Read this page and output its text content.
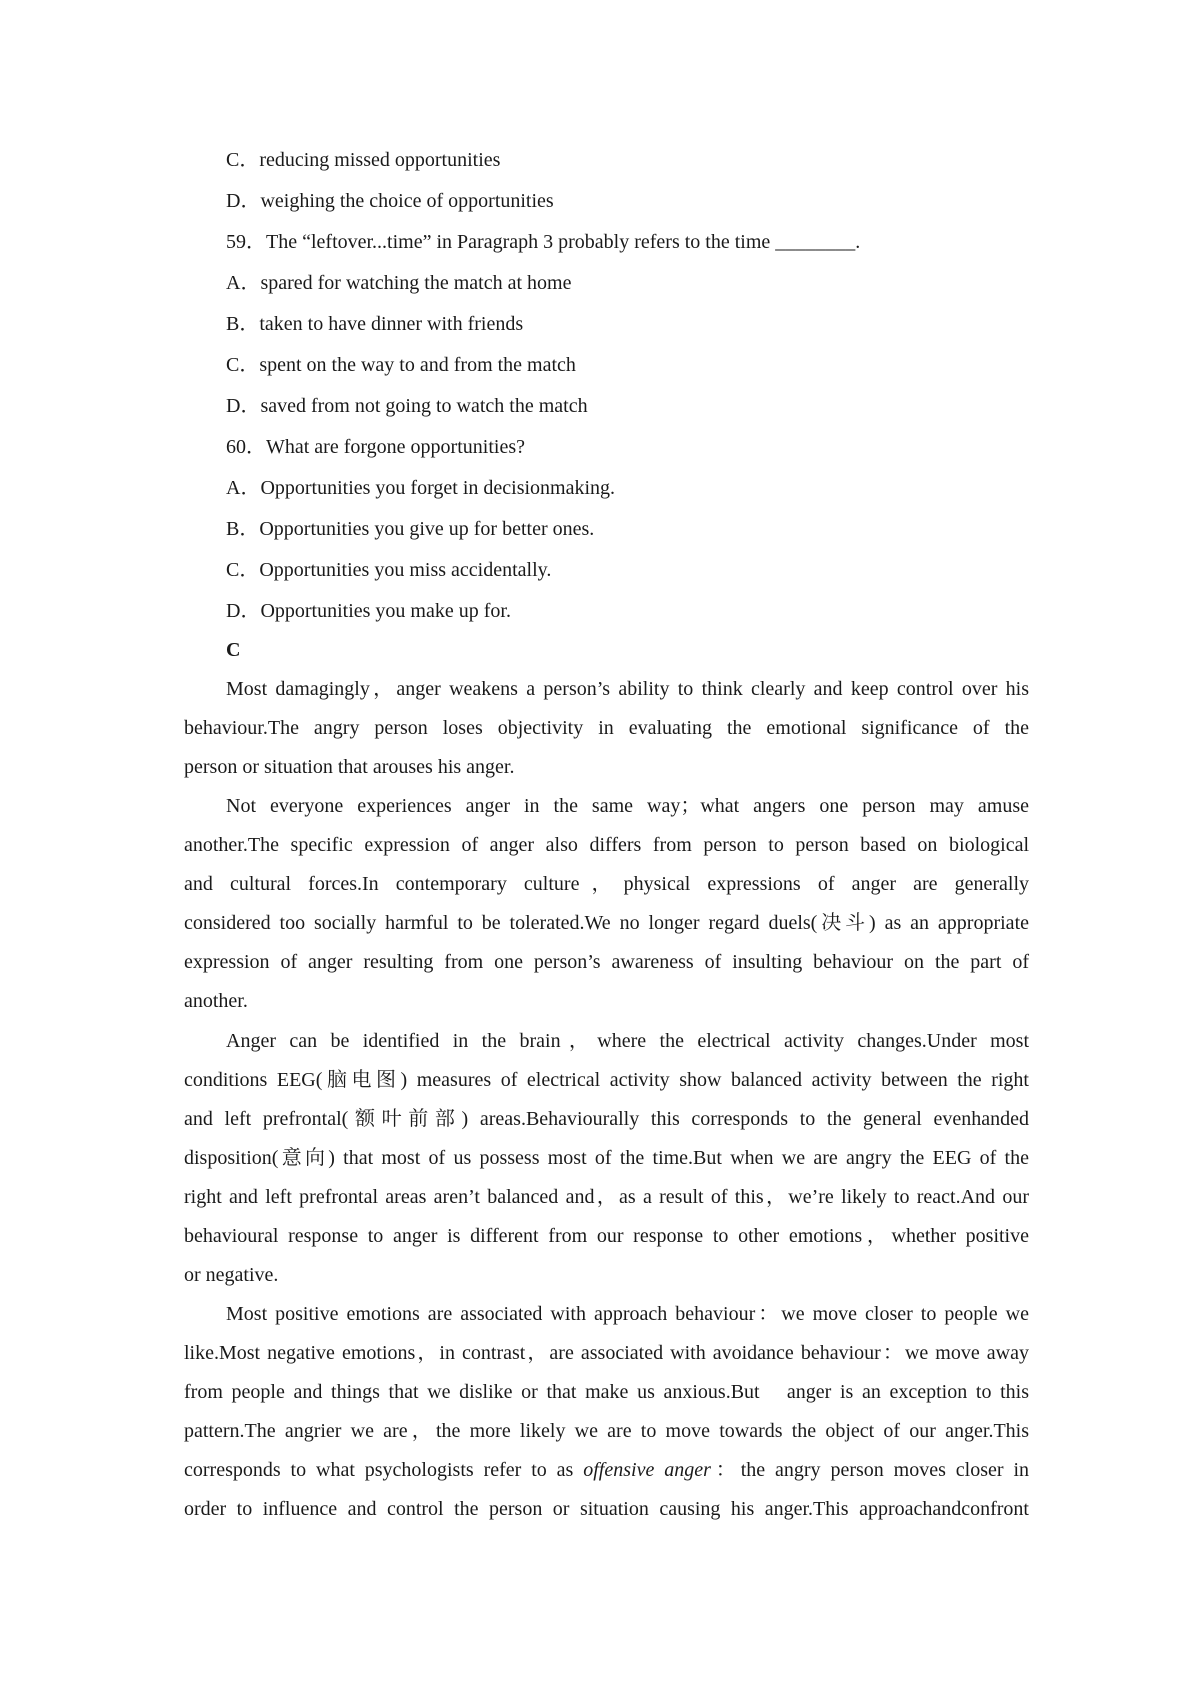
C．reducing missed opportunities
D．weighing the choice of opportunities
59．The “leftover...time” in Paragraph 3 probably refers to the time ________.
A．spared for watching the match at home
B．taken to have dinner with friends
C．spent on the way to and from the match
D．saved from not going to watch the match
60．What are forgone opportunities?
A．Opportunities you forget in decisionmaking.
B．Opportunities you give up for better ones.
C．Opportunities you miss accidentally.
D．Opportunities you make up for.
C
Most damagingly，anger weakens a person’s ability to think clearly and keep control over his
behaviour.The angry person loses objectivity in evaluating the emotional significance of the
person or situation that arouses his anger.
Not everyone experiences anger in the same way；what angers one person may amuse
another.The specific expression of anger also differs from person to person based on biological
and cultural forces.In contemporary culture，physical expressions of anger are generally
considered too socially harmful to be tolerated.We no longer regard duels(决斗) as an appropriate
expression of anger resulting from one person’s awareness of insulting behaviour on the part of
another.
Anger can be identified in the brain，where the electrical activity changes.Under most
conditions EEG(脑电图) measures of electrical activity show balanced activity between the right
and left prefrontal(额叶前部) areas.Behaviourally this corresponds to the general evenhanded
disposition(意向) that most of us possess most of the time.But when we are angry the EEG of the
right and left prefrontal areas aren’t balanced and，as a result of this，we’re likely to react.And our
behavioural response to anger is different from our response to other emotions，whether positive
or negative.
Most positive emotions are associated with approach behaviour：we move closer to people we
like.Most negative emotions，in contrast，are associated with avoidance behaviour：we move away
from people and things that we dislike or that make us anxious.But　anger is an exception to this
pattern.The angrier we are，the more likely we are to move towards the object of our anger.This
corresponds to what psychologists refer to as offensive anger：the angry person moves closer in
order to influence and control the person or situation causing his anger.This approachandconfront
